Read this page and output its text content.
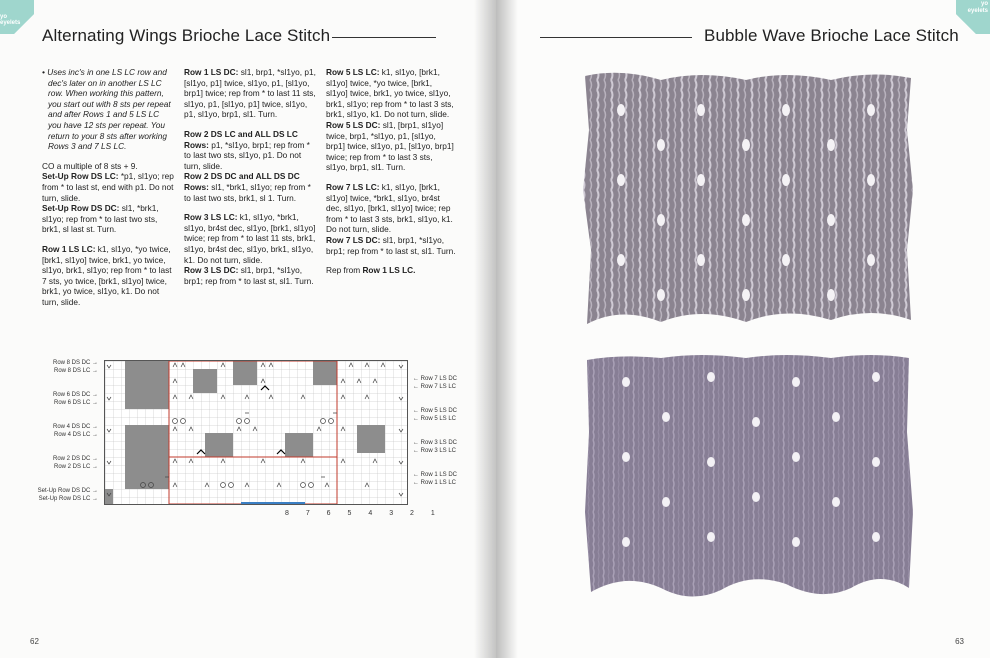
yo
eyelets
Alternating Wings Brioche Lace Stitch

• Uses inc's in one LS LC row and dec's later on in another LS LC row. When working this pattern, you start out with 8 sts per repeat and after Rows 1 and 5 LS LC you have 12 sts per repeat. You return to your 8 sts after working Rows 3 and 7 LS LC.

CO a multiple of 8 sts + 9.
Set-Up Row DS LC: *p1, sl1yo; rep from * to last st, end with p1. Do not turn, slide.
Set-Up Row DS DC: sl1, *brk1, sl1yo; rep from * to last two sts, brk1, sl last st. Turn.

Row 1 LS LC: k1, sl1yo, *yo twice, [brk1, sl1yo] twice, brk1, yo twice, sl1yo, brk1, sl1yo; rep from * to last 7 sts, yo twice, [brk1, sl1yo] twice, brk1, yo twice, sl1yo, k1. Do not turn, slide.

Row 1 LS DC: sl1, brp1, *sl1yo, p1, [sl1yo, p1] twice, sl1yo, p1, [sl1yo, brp1] twice; rep from * to last 11 sts, sl1yo, p1, [sl1yo, p1] twice, sl1yo, p1, sl1yo, brp1, sl1. Turn.

Row 2 DS LC and ALL DS LC Rows: p1, *sl1yo, brp1; rep from * to last two sts, sl1yo, p1. Do not turn, slide.
Row 2 DS DC and ALL DS DC Rows: sl1, *brk1, sl1yo; rep from * to last two sts, brk1, sl 1. Turn.

Row 3 LS LC: k1, sl1yo, *brk1, sl1yo, br4st dec, sl1yo, [brk1, sl1yo] twice; rep from * to last 11 sts, brk1, sl1yo, br4st dec, sl1yo, brk1, sl1yo, k1. Do not turn, slide.
Row 3 LS DC: sl1, brp1, *sl1yo, brp1; rep from * to last st, sl1. Turn.

Row 5 LS LC: k1, sl1yo, [brk1, sl1yo] twice, *yo twice, [brk1, sl1yo] twice, brk1, yo twice, sl1yo, brk1, sl1yo; rep from * to last 3 sts, brk1, sl1yo, k1. Do not turn, slide.
Row 5 LS DC: sl1, [brp1, sl1yo] twice, brp1, *sl1yo, p1, [sl1yo, brp1] twice, sl1yo, p1, [sl1yo, brp1] twice; rep from * to last 3 sts, sl1yo, brp1, sl1. Turn.

Row 7 LS LC: k1, sl1yo, [brk1, sl1yo] twice, *brk1, sl1yo, br4st dec, sl1yo, [brk1, sl1yo] twice; rep from * to last 3 sts, brk1, sl1yo, k1. Do not turn, slide.
Row 7 LS DC: sl1, brp1, *sl1yo, brp1; rep from * to last st, sl1. Turn.

Rep from Row 1 LS LC.

Row 8 DS DC →
Row 8 DS LC →
Row 6 DS DC →
Row 6 DS LC →
Row 4 DS DC →
Row 4 DS LC →
Row 2 DS DC →
Row 2 DS LC →
Set-Up Row DS DC →
Set-Up Row DS LC →
← Row 7 LS DC
← Row 7 LS LC
← Row 5 LS DC
← Row 5 LS LC
← Row 3 LS DC
← Row 3 LS LC
← Row 1 LS DC
← Row 1 LS LC
8 7 6 5 4 3 2 1
62
yo
eyelets
Bubble Wave Brioche Lace Stitch
63
